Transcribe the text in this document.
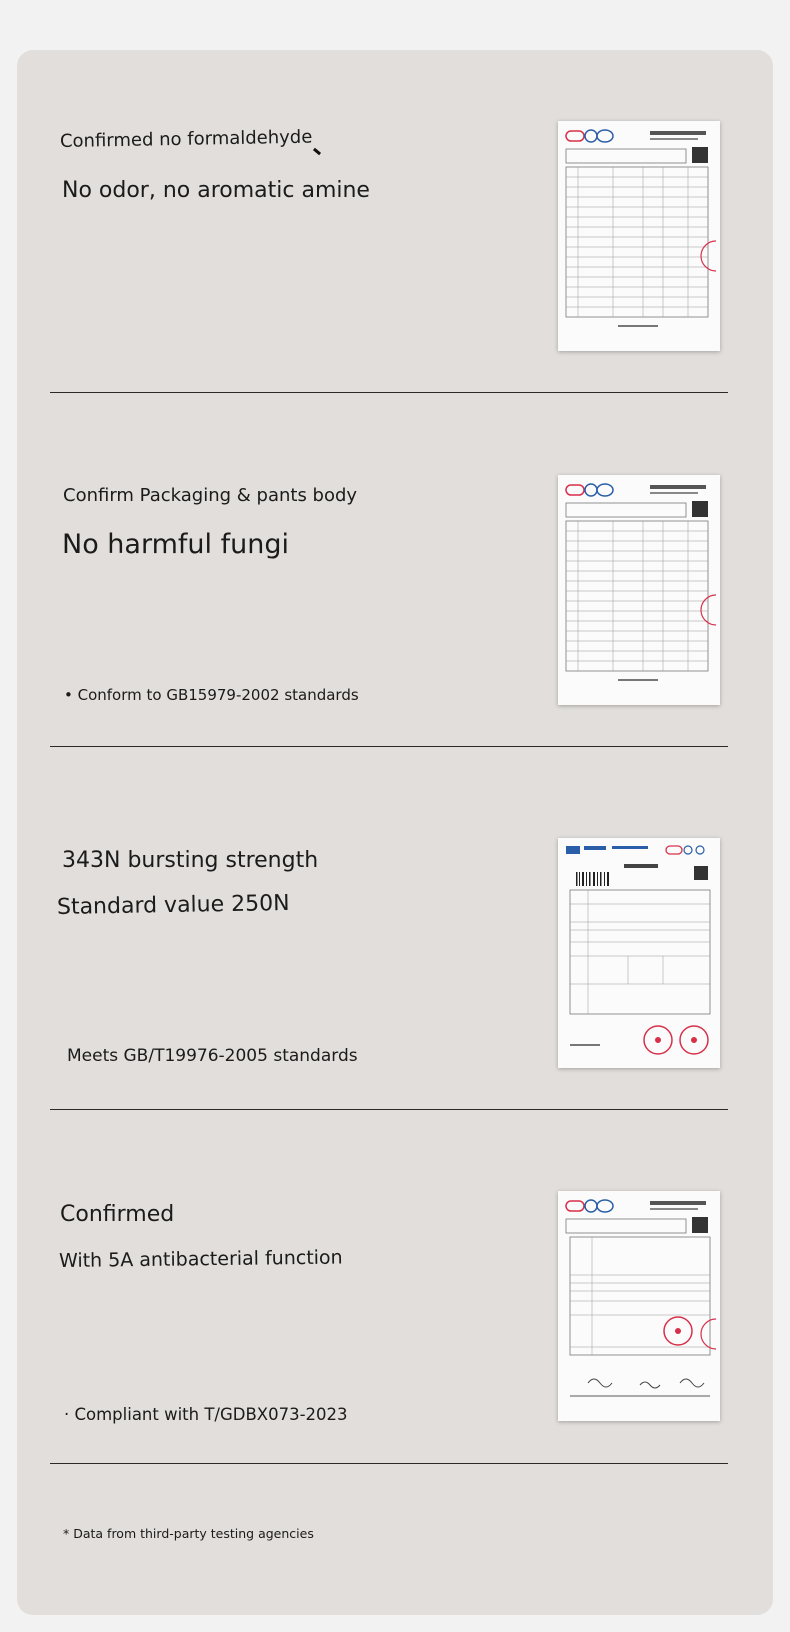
Confirmed no formaldehyde
No odor, no aromatic amine
Confirm Packaging & pants body
No harmful fungi
• Conform to GB15979-2002 standards
343N bursting strength
Standard value 250N
Meets GB/T19976-2005 standards
Confirmed
With 5A antibacterial function
· Compliant with T/GDBX073-2023
* Data from third-party testing agencies
